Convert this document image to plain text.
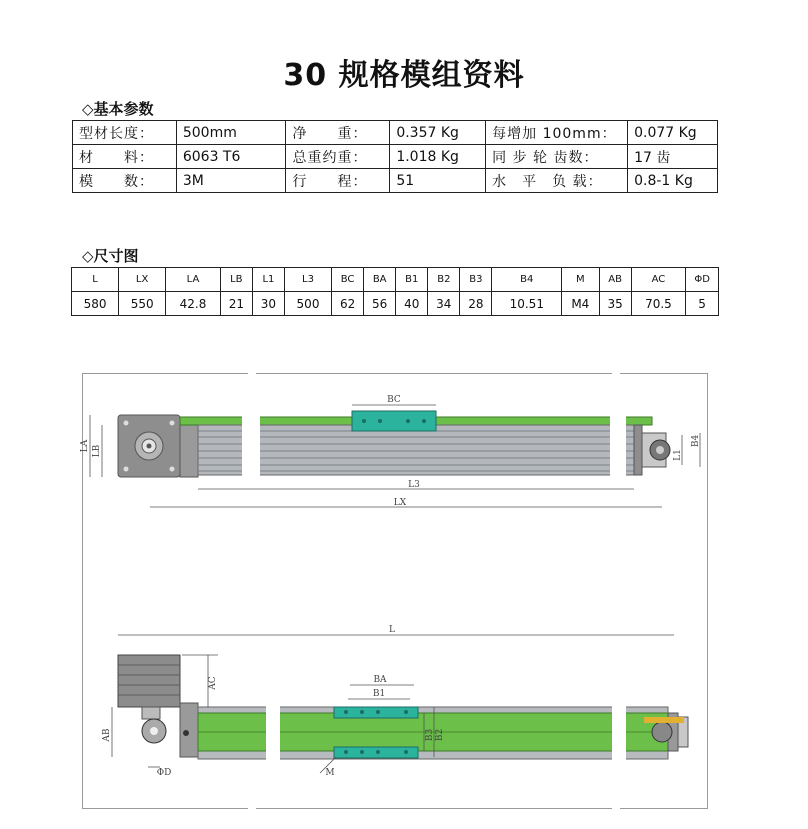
30 规格模组资料
◇基本参数
型材长度：	500mm	净　　重：	0.357 Kg	每增加 100mm：	0.077 Kg
材　　料：	6063 T6	总重约重：	1.018 Kg	同 步 轮 齿数：	17 齿
模　　数：	3M	行　　程：	51	水　平　负 载：	0.8-1 Kg
◇尺寸图
L	LX	LA	LB	L1	L3	BC	BA	B1	B2	B3	B4	M	AB	AC	ΦD
580	550	42.8	21	30	500	62	56	40	34	28	10.51	M4	35	70.5	5
BC
LA LB
L3
LX
B4
L1
L
BA
B1
AC
AB
ΦD
B3 B2
M
